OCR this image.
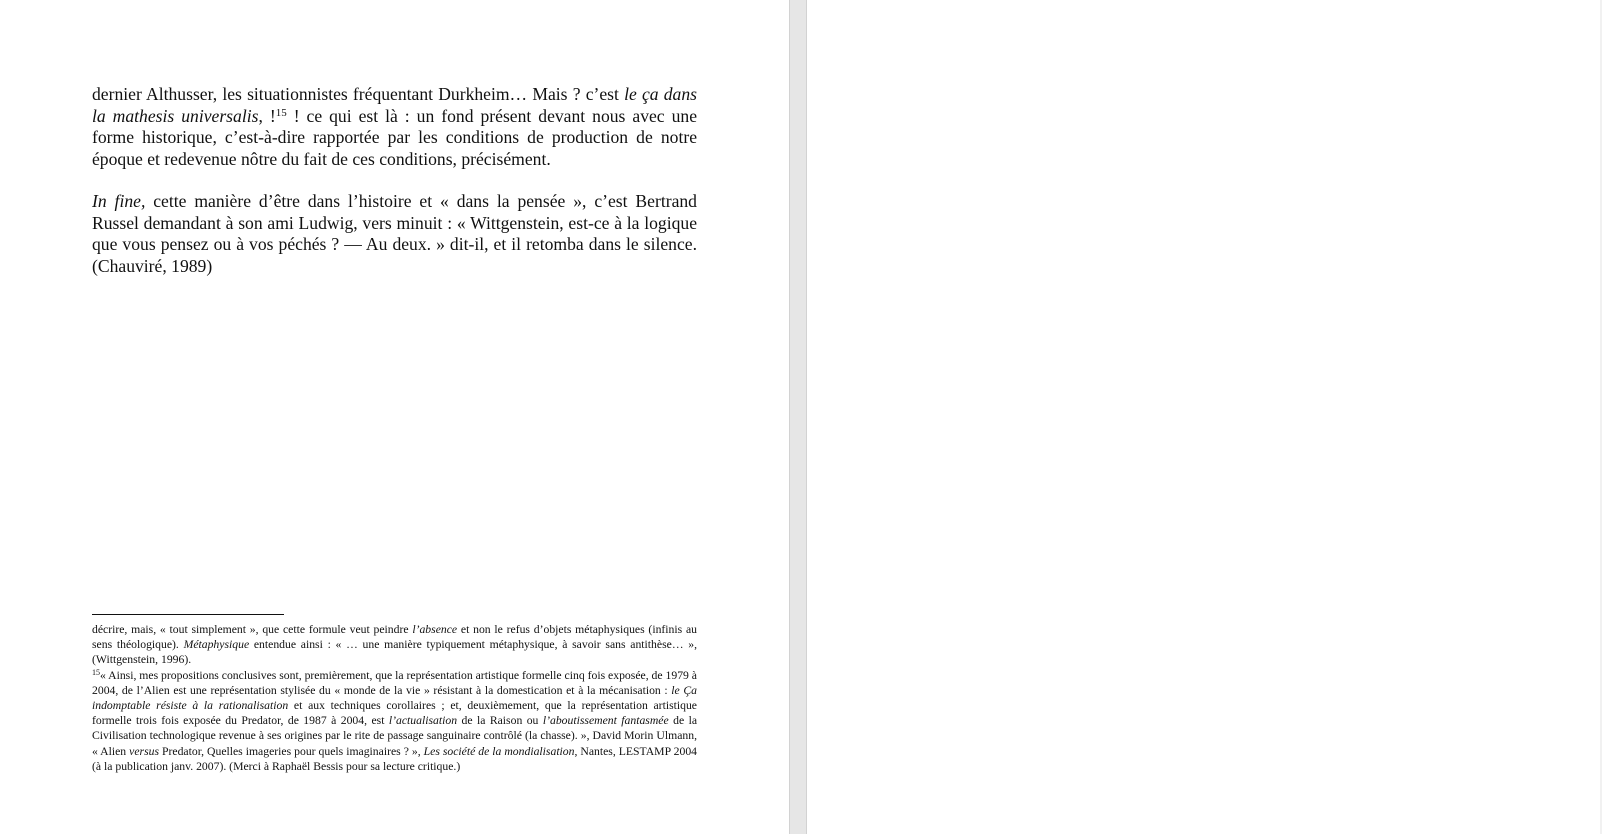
dernier Althusser, les situationnistes fréquentant Durkheim… Mais ? c’est le ça dans la mathesis universalis, !$^{15}$ ! ce qui est là : un fond présent devant nous avec une forme historique, c’est-à-dire rapportée par les conditions de production de notre époque et redevenue nôtre du fait de ces conditions, précisément.

In fine, cette manière d’être dans l’histoire et « dans la pensée », c’est Bertrand Russel demandant à son ami Ludwig, vers minuit : « Wittgenstein, est-ce à la logique que vous pensez ou à vos péchés ? — Au deux. » dit-il, et il retomba dans le silence. (Chauviré, 1989)

décrire, mais, « tout simplement », que cette formule veut peindre l’absence et non le refus d’objets métaphysiques (infinis au sens théologique). Métaphysique entendue ainsi : « … une manière typiquement métaphysique, à savoir sans antithèse… », (Wittgenstein, 1996).

$^{15}$« Ainsi, mes propositions conclusives sont, premièrement, que la représentation artistique formelle cinq fois exposée, de 1979 à 2004, de l’Alien est une représentation stylisée du « monde de la vie » résistant à la domestication et à la mécanisation : le Ça indomptable résiste à la rationalisation et aux techniques corollaires ; et, deuxièmement, que la représentation artistique formelle trois fois exposée du Predator, de 1987 à 2004, est l’actualisation de la Raison ou l’aboutissement fantasmée de la Civilisation technologique revenue à ses origines par le rite de passage sanguinaire contrôlé (la chasse). », David Morin Ulmann, « Alien versus Predator, Quelles imageries pour quels imaginaires ? », Les société de la mondialisation, Nantes, LESTAMP 2004 (à la publication janv. 2007). (Merci à Raphaël Bessis pour sa lecture critique.)
